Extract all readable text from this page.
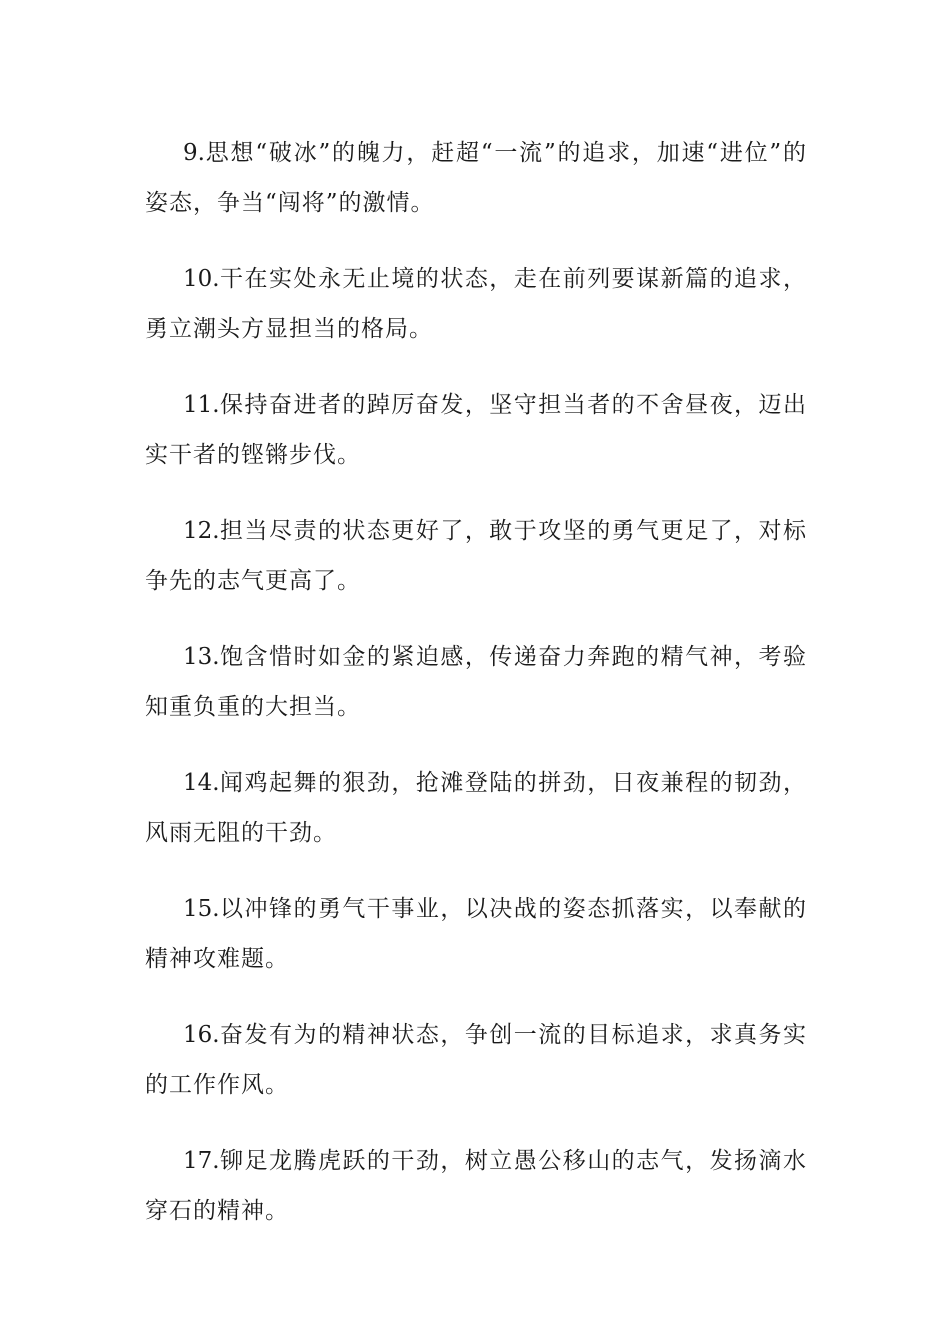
9.思想“破冰”的魄力，赶超“一流”的追求，加速“进位”的姿态，争当“闯将”的激情。

10.干在实处永无止境的状态，走在前列要谋新篇的追求，勇立潮头方显担当的格局。

11.保持奋进者的踔厉奋发，坚守担当者的不舍昼夜，迈出实干者的铿锵步伐。

12.担当尽责的状态更好了，敢于攻坚的勇气更足了，对标争先的志气更高了。

13.饱含惜时如金的紧迫感，传递奋力奔跑的精气神，考验知重负重的大担当。

14.闻鸡起舞的狠劲，抢滩登陆的拼劲，日夜兼程的韧劲，风雨无阻的干劲。

15.以冲锋的勇气干事业，以决战的姿态抓落实，以奉献的精神攻难题。

16.奋发有为的精神状态，争创一流的目标追求，求真务实的工作作风。

17.铆足龙腾虎跃的干劲，树立愚公移山的志气，发扬滴水穿石的精神。
